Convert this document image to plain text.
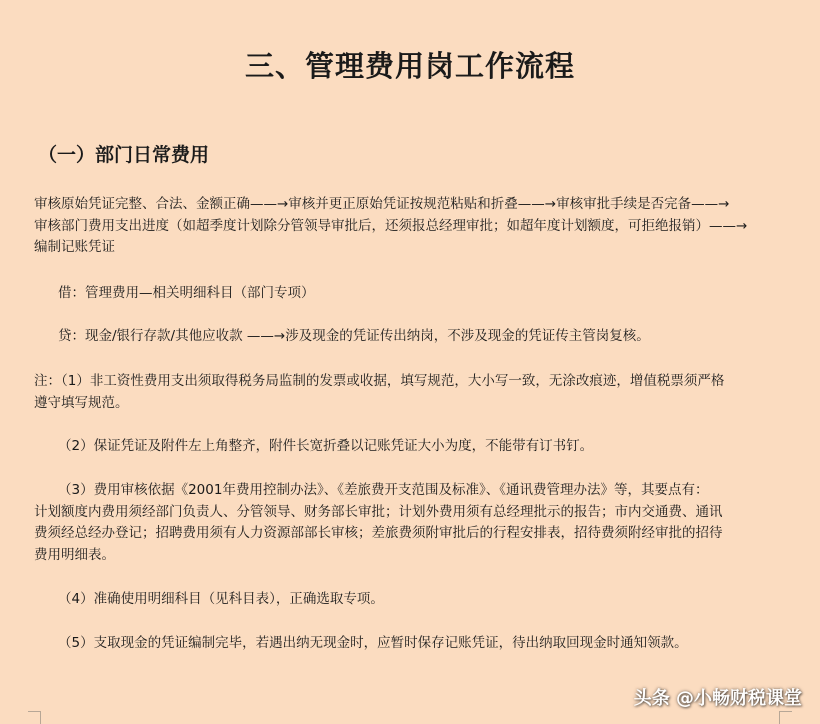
三、管理费用岗工作流程
（一）部门日常费用
审核原始凭证完整、合法、金额正确——→审核并更正原始凭证按规范粘贴和折叠——→审核审批手续是否完备——→
审核部门费用支出进度（如超季度计划除分管领导审批后，还须报总经理审批；如超年度计划额度，可拒绝报销）——→
编制记账凭证
借：管理费用—相关明细科目（部门专项）
贷：现金/银行存款/其他应收款 ——→涉及现金的凭证传出纳岗，不涉及现金的凭证传主管岗复核。
注：（1）非工资性费用支出须取得税务局监制的发票或收据，填写规范，大小写一致，无涂改痕迹，增值税票须严格
遵守填写规范。
（2）保证凭证及附件左上角整齐，附件长宽折叠以记账凭证大小为度，不能带有订书钉。
（3）费用审核依据《2001年费用控制办法》、《差旅费开支范围及标准》、《通讯费管理办法》等，其要点有：
计划额度内费用须经部门负责人、分管领导、财务部长审批；计划外费用须有总经理批示的报告；市内交通费、通讯
费须经总经办登记；招聘费用须有人力资源部部长审核；差旅费须附审批后的行程安排表，招待费须附经审批的招待
费用明细表。
（4）准确使用明细科目（见科目表），正确选取专项。
（5）支取现金的凭证编制完毕，若遇出纳无现金时，应暂时保存记账凭证，待出纳取回现金时通知领款。
头条 @小畅财税课堂
